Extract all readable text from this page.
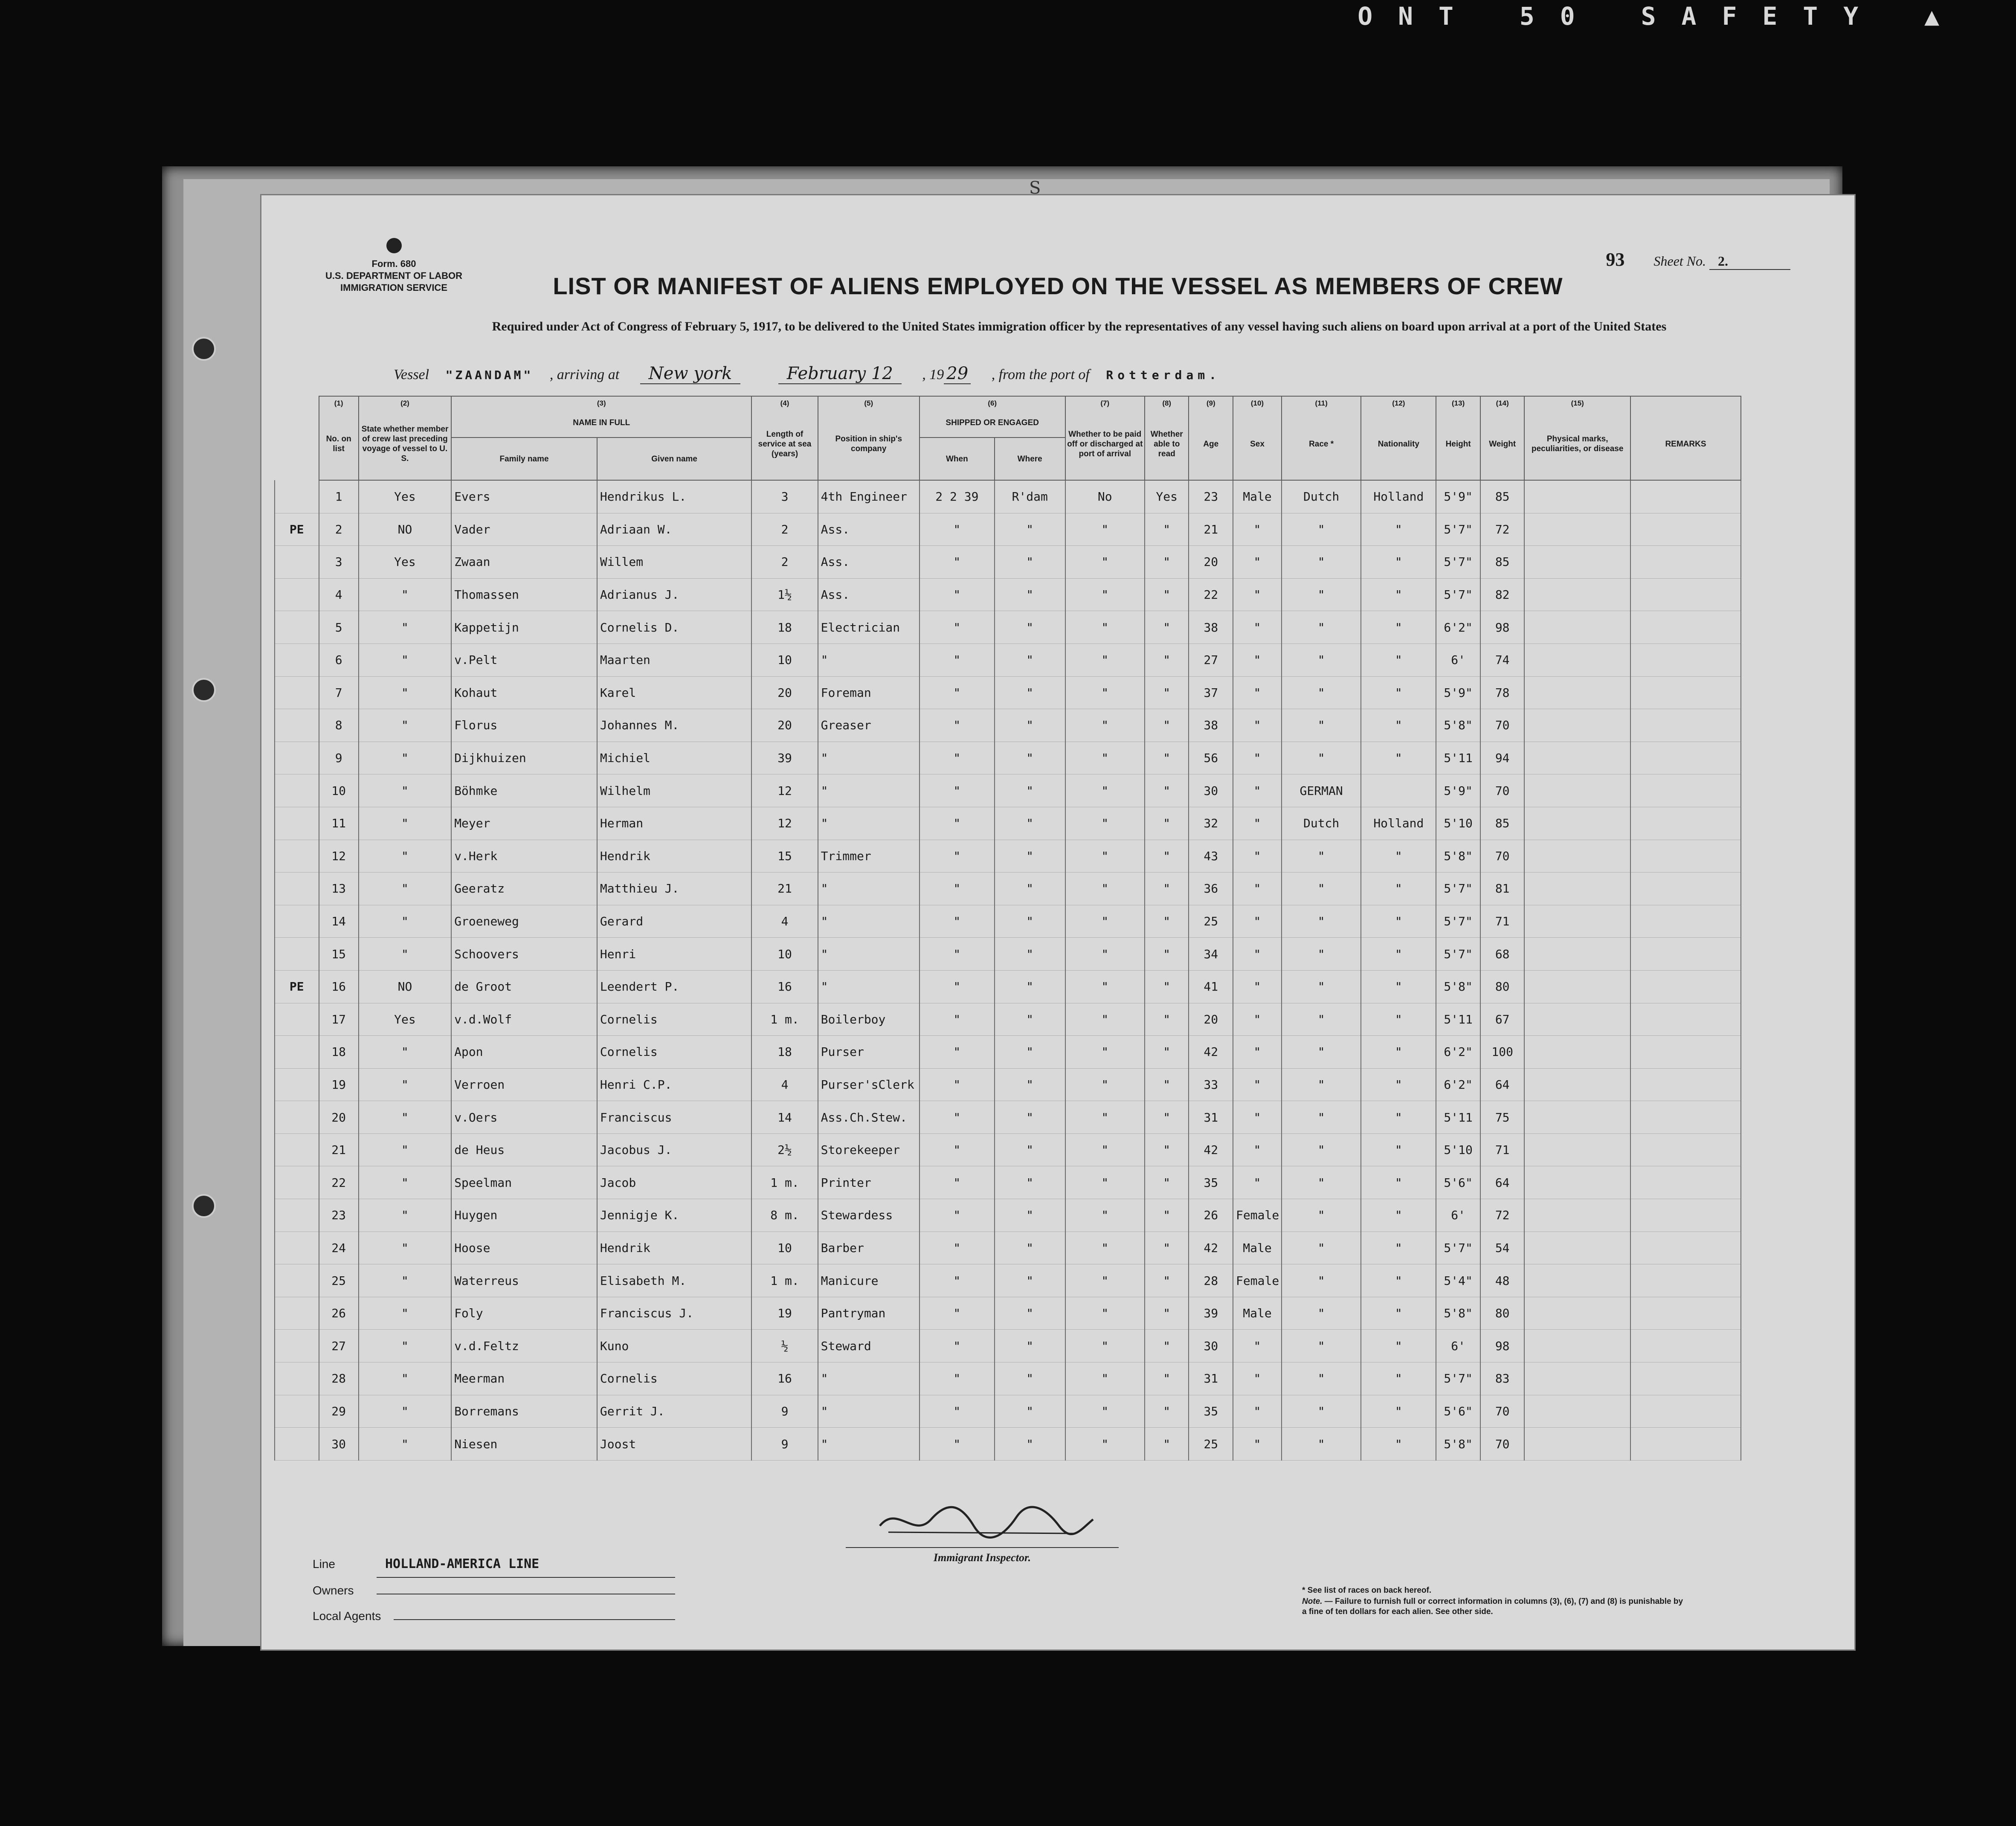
ONT 50 SAFETY ▲
S
Form. 680
U.S. DEPARTMENT OF LABOR
IMMIGRATION SERVICE
93 Sheet No. 2.
LIST OR MANIFEST OF ALIENS EMPLOYED ON THE VESSEL AS MEMBERS OF CREW
Required under Act of Congress of February 5, 1917, to be delivered to the United States immigration officer by the representatives of any vessel having such aliens on board upon arrival at a port of the United States
Vessel "ZAANDAM" , arriving at New york	February 12 , 19 29 , from the port of Rotterdam.
	(1)	(2)	(3)		(4)	(5)	(6)		(7)	(8)	(9)	(10)	(11)	(12)	(13)	(14)	(15)	
	No. on list	State whether member of crew last preceding voyage of vessel to U. S.	NAME IN FULL		Length of service at sea (years)	Position in ship's company	SHIPPED OR ENGAGED		Whether to be paid off or discharged at port of arrival	Whether able to read	Age	Sex	Race *	Nationality	Height	Weight	Physical marks, peculiarities, or disease	REMARKS
			Family name	Given name			When	Where										
	1	Yes	Evers	Hendrikus L.	3	4th Engineer	2 2 39	R'dam	No	Yes	23	Male	Dutch	Holland	5'9"	85		
PE	2	NO	Vader	Adriaan W.	2	Ass.	"	"	"	"	21	"	"	"	5'7"	72		
	3	Yes	Zwaan	Willem	2	Ass.	"	"	"	"	20	"	"	"	5'7"	85		
	4	"	Thomassen	Adrianus J.	1½	Ass.	"	"	"	"	22	"	"	"	5'7"	82		
	5	"	Kappetijn	Cornelis D.	18	Electrician	"	"	"	"	38	"	"	"	6'2"	98		
	6	"	v.Pelt	Maarten	10	"	"	"	"	"	27	"	"	"	6'	74		
	7	"	Kohaut	Karel	20	Foreman	"	"	"	"	37	"	"	"	5'9"	78		
	8	"	Florus	Johannes M.	20	Greaser	"	"	"	"	38	"	"	"	5'8"	70		
	9	"	Dijkhuizen	Michiel	39	"	"	"	"	"	56	"	"	"	5'11	94		
	10	"	Böhmke	Wilhelm	12	"	"	"	"	"	30	"	GERMAN		5'9"	70		
	11	"	Meyer	Herman	12	"	"	"	"	"	32	"	Dutch	Holland	5'10	85		
	12	"	v.Herk	Hendrik	15	Trimmer	"	"	"	"	43	"	"	"	5'8"	70		
	13	"	Geeratz	Matthieu J.	21	"	"	"	"	"	36	"	"	"	5'7"	81		
	14	"	Groeneweg	Gerard	4	"	"	"	"	"	25	"	"	"	5'7"	71		
	15	"	Schoovers	Henri	10	"	"	"	"	"	34	"	"	"	5'7"	68		
PE	16	NO	de Groot	Leendert P.	16	"	"	"	"	"	41	"	"	"	5'8"	80		
	17	Yes	v.d.Wolf	Cornelis	1 m.	Boilerboy	"	"	"	"	20	"	"	"	5'11	67		
	18	"	Apon	Cornelis	18	Purser	"	"	"	"	42	"	"	"	6'2"	100		
	19	"	Verroen	Henri C.P.	4	Purser'sClerk	"	"	"	"	33	"	"	"	6'2"	64		
	20	"	v.Oers	Franciscus	14	Ass.Ch.Stew.	"	"	"	"	31	"	"	"	5'11	75		
	21	"	de Heus	Jacobus J.	2½	Storekeeper	"	"	"	"	42	"	"	"	5'10	71		
	22	"	Speelman	Jacob	1 m.	Printer	"	"	"	"	35	"	"	"	5'6"	64		
	23	"	Huygen	Jennigje K.	8 m.	Stewardess	"	"	"	"	26	Female	"	"	6'	72		
	24	"	Hoose	Hendrik	10	Barber	"	"	"	"	42	Male	"	"	5'7"	54		
	25	"	Waterreus	Elisabeth M.	1 m.	Manicure	"	"	"	"	28	Female	"	"	5'4"	48		
	26	"	Foly	Franciscus J.	19	Pantryman	"	"	"	"	39	Male	"	"	5'8"	80		
	27	"	v.d.Feltz	Kuno	½	Steward	"	"	"	"	30	"	"	"	6'	98		
	28	"	Meerman	Cornelis	16	"	"	"	"	"	31	"	"	"	5'7"	83		
	29	"	Borremans	Gerrit J.	9	"	"	"	"	"	35	"	"	"	5'6"	70		
	30	"	Niesen	Joost	9	"	"	"	"	"	25	"	"	"	5'8"	70		
Immigrant Inspector.
Line	HOLLAND-AMERICA LINE
Owners
Local Agents
* See list of races on back hereof.
Note. — Failure to furnish full or correct information in columns (3), (6), (7) and (8) is punishable by a fine of ten dollars for each alien. See other side.
